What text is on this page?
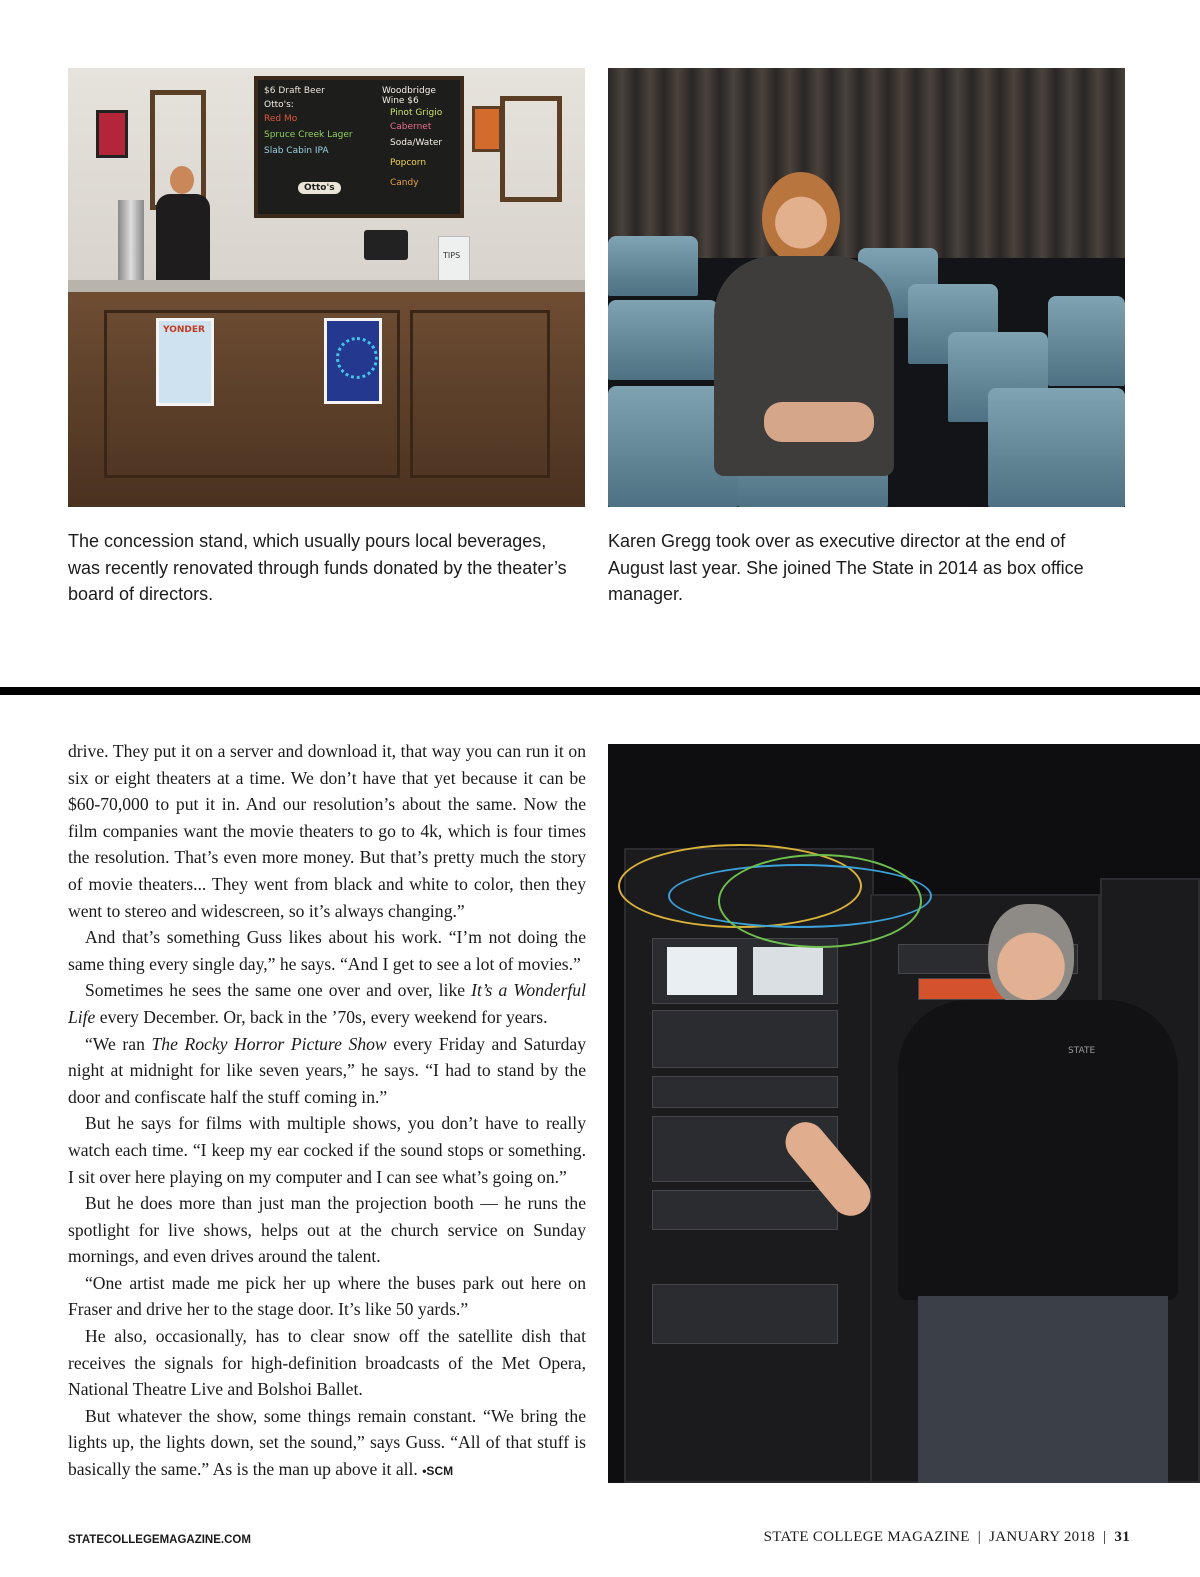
$6 Draft Beer
Otto's:
Red Mo
Spruce Creek Lager
Slab Cabin IPA
Woodbridge Wine $6
Pinot Grigio
Cabernet
Soda/Water
Popcorn
Candy
Otto's
TIPS
YONDER

The concession stand, which usually pours local beverages, was recently renovated through funds donated by the theater’s board of directors.

Karen Gregg took over as executive director at the end of August last year. She joined The State in 2014 as box office manager.

drive. They put it on a server and download it, that way you can run it on six or eight theaters at a time. We don’t have that yet because it can be $60-70,000 to put it in. And our resolution’s about the same. Now the film companies want the movie theaters to go to 4k, which is four times the resolution. That’s even more money. But that’s pretty much the story of movie theaters... They went from black and white to color, then they went to stereo and widescreen, so it’s always changing.”

And that’s something Guss likes about his work. “I’m not doing the same thing every single day,” he says. “And I get to see a lot of movies.”

Sometimes he sees the same one over and over, like It’s a Wonderful Life every December. Or, back in the ’70s, every weekend for years.

“We ran The Rocky Horror Picture Show every Friday and Saturday night at midnight for like seven years,” he says. “I had to stand by the door and confiscate half the stuff coming in.”

But he says for films with multiple shows, you don’t have to really watch each time. “I keep my ear cocked if the sound stops or something. I sit over here playing on my computer and I can see what’s going on.”

But he does more than just man the projection booth — he runs the spotlight for live shows, helps out at the church service on Sunday mornings, and even drives around the talent.

“One artist made me pick her up where the buses park out here on Fraser and drive her to the stage door. It’s like 50 yards.”

He also, occasionally, has to clear snow off the satellite dish that receives the signals for high-definition broadcasts of the Met Opera, National Theatre Live and Bolshoi Ballet.

But whatever the show, some things remain constant. “We bring the lights up, the lights down, set the sound,” says Guss. “All of that stuff is basically the same.” As is the man up above it all. •SCM

STATE
STATECOLLEGEMAGAZINE.COM	STATE COLLEGE MAGAZINE | JANUARY 2018 | 31
